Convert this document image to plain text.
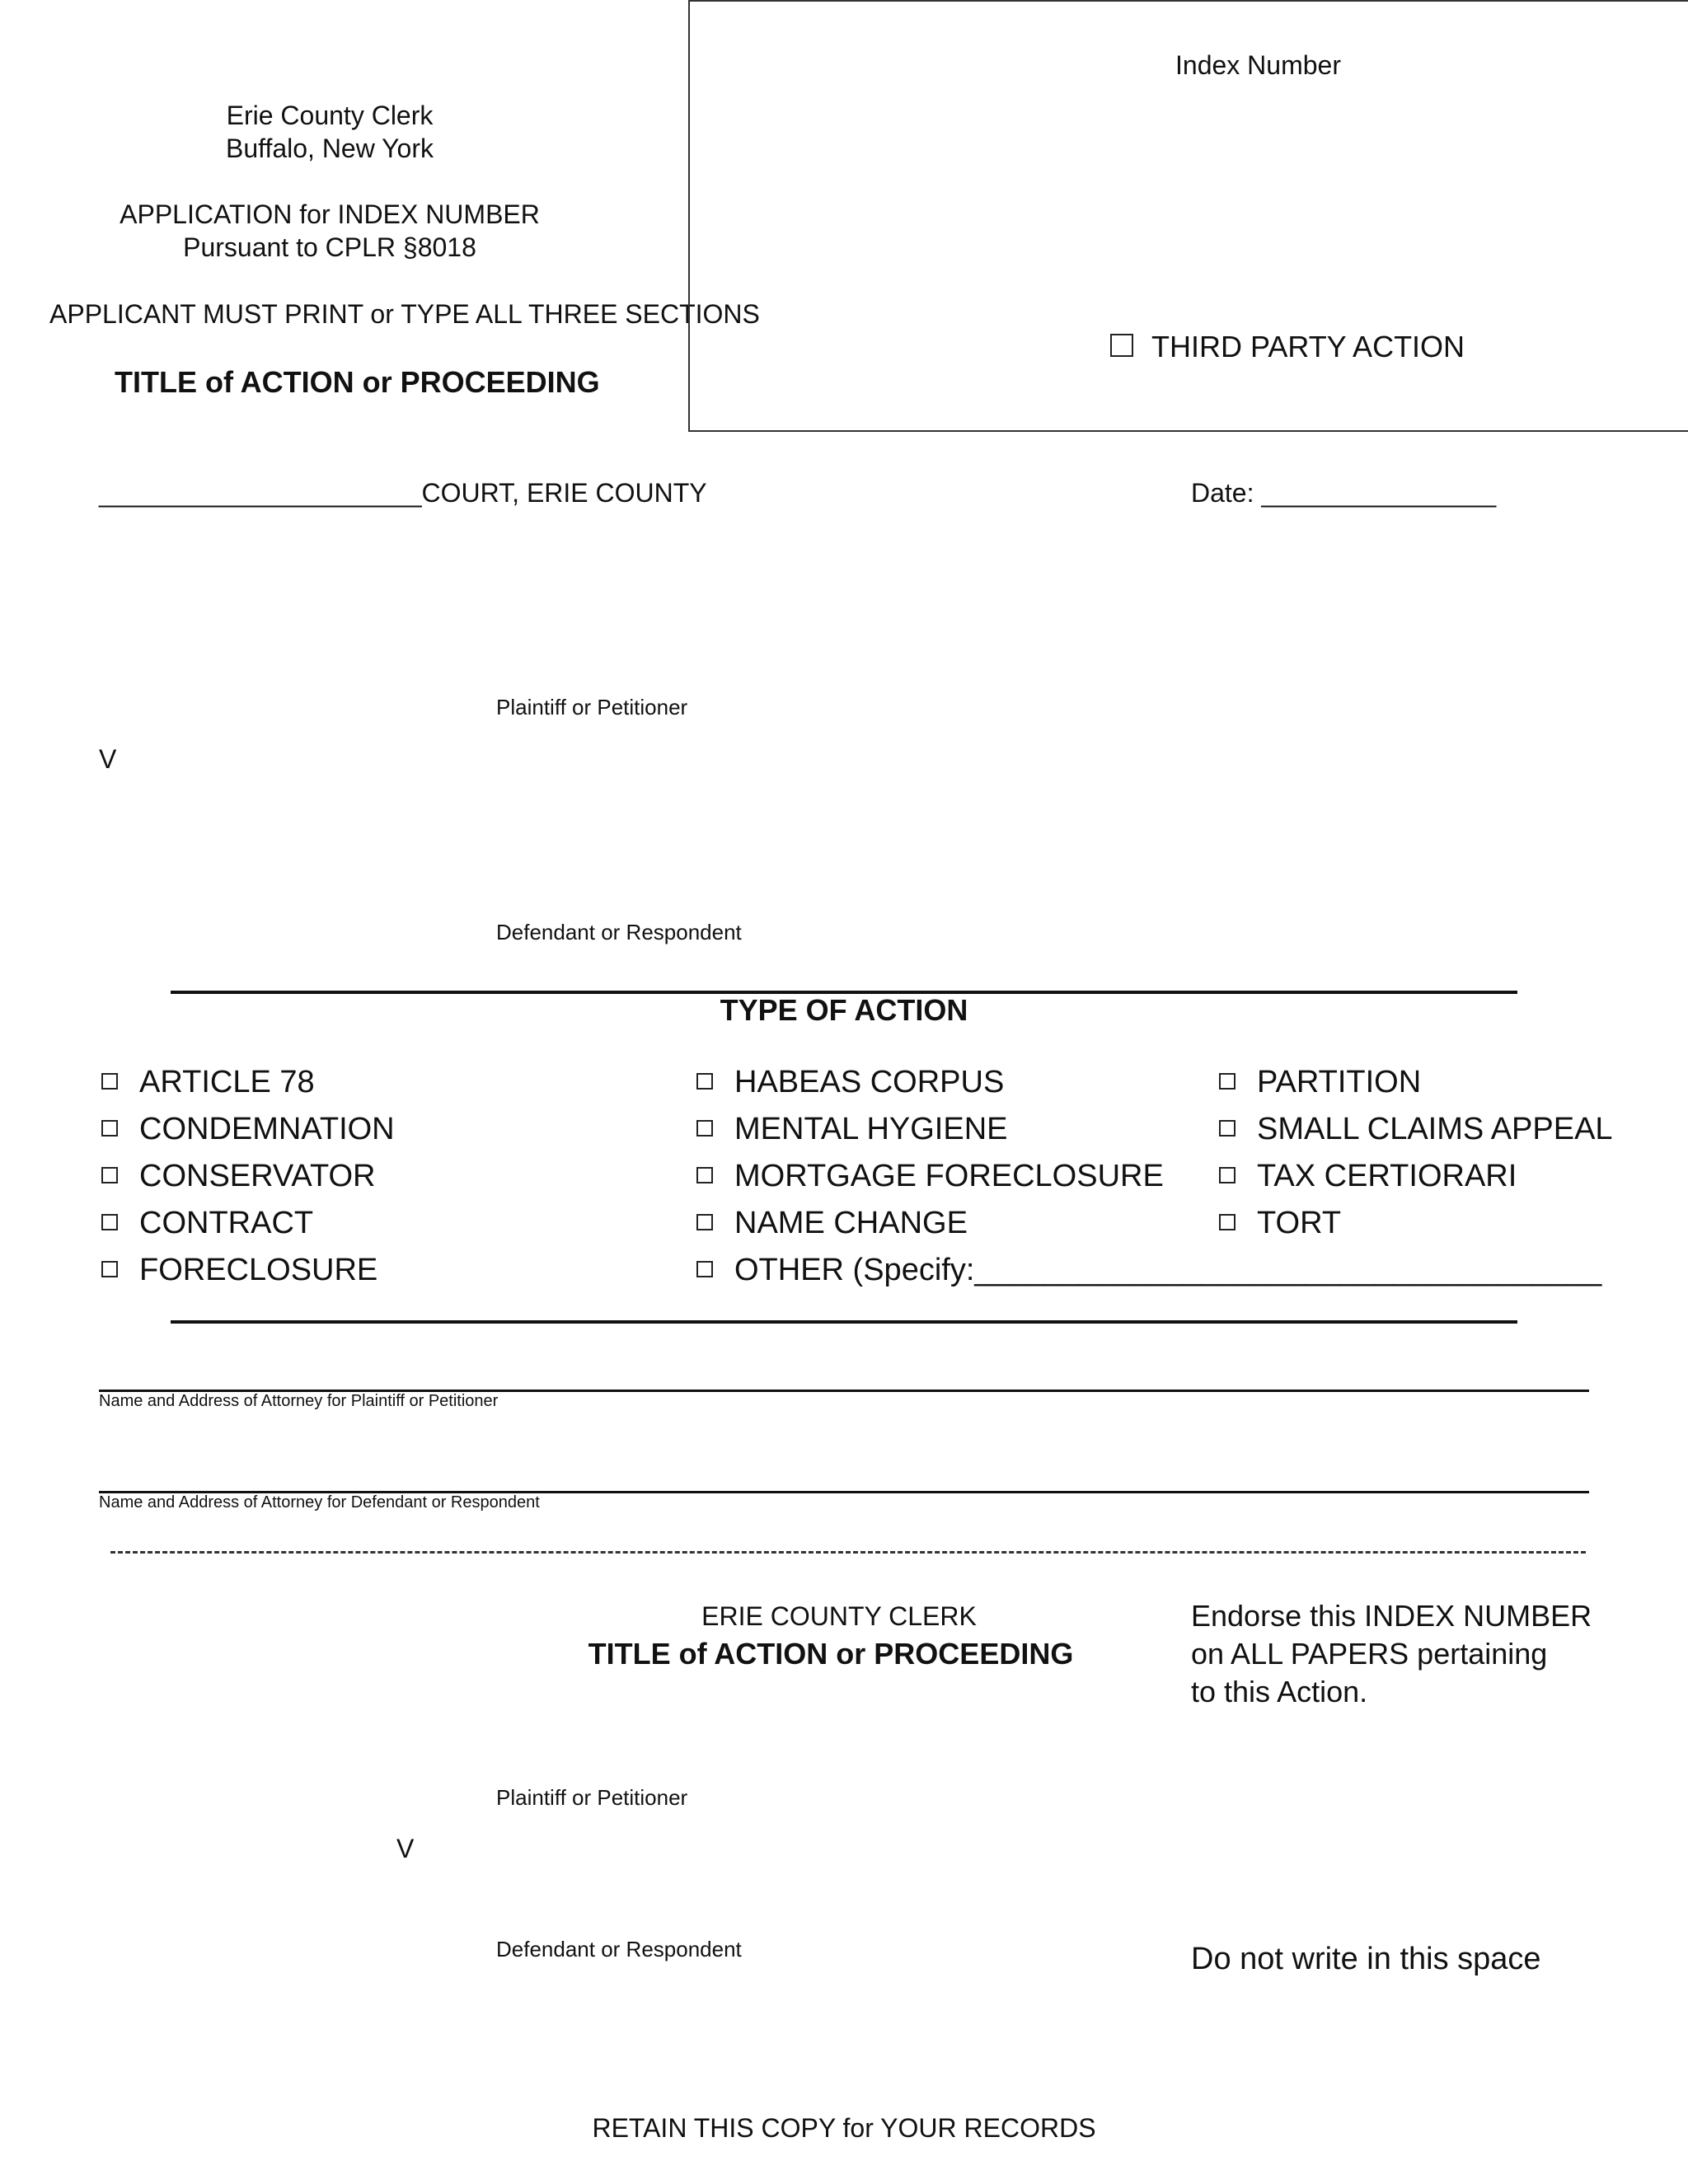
Erie County Clerk
Buffalo, New York
APPLICATION for INDEX NUMBER
Pursuant to CPLR §8018
APPLICANT MUST PRINT or TYPE ALL THREE SECTIONS
TITLE of ACTION or PROCEEDING
Index Number
THIRD PARTY ACTION
______________________COURT, ERIE COUNTY	Date: ________________
Plaintiff or Petitioner
V
Defendant or Respondent
TYPE OF ACTION
ARTICLE 78
CONDEMNATION
CONSERVATOR
CONTRACT
FORECLOSURE
HABEAS CORPUS
MENTAL HYGIENE
MORTGAGE FORECLOSURE
NAME CHANGE
OTHER (Specify:____________________________________
PARTITION
SMALL CLAIMS APPEAL
TAX CERTIORARI
TORT
Name and Address of Attorney for Plaintiff or Petitioner
Name and Address of Attorney for Defendant or Respondent
ERIE COUNTY CLERK
TITLE of ACTION or PROCEEDING
Endorse this INDEX NUMBER
on ALL PAPERS pertaining
to this Action.
Plaintiff or Petitioner
V
Defendant or Respondent	Do not write in this space
RETAIN THIS COPY for YOUR RECORDS
